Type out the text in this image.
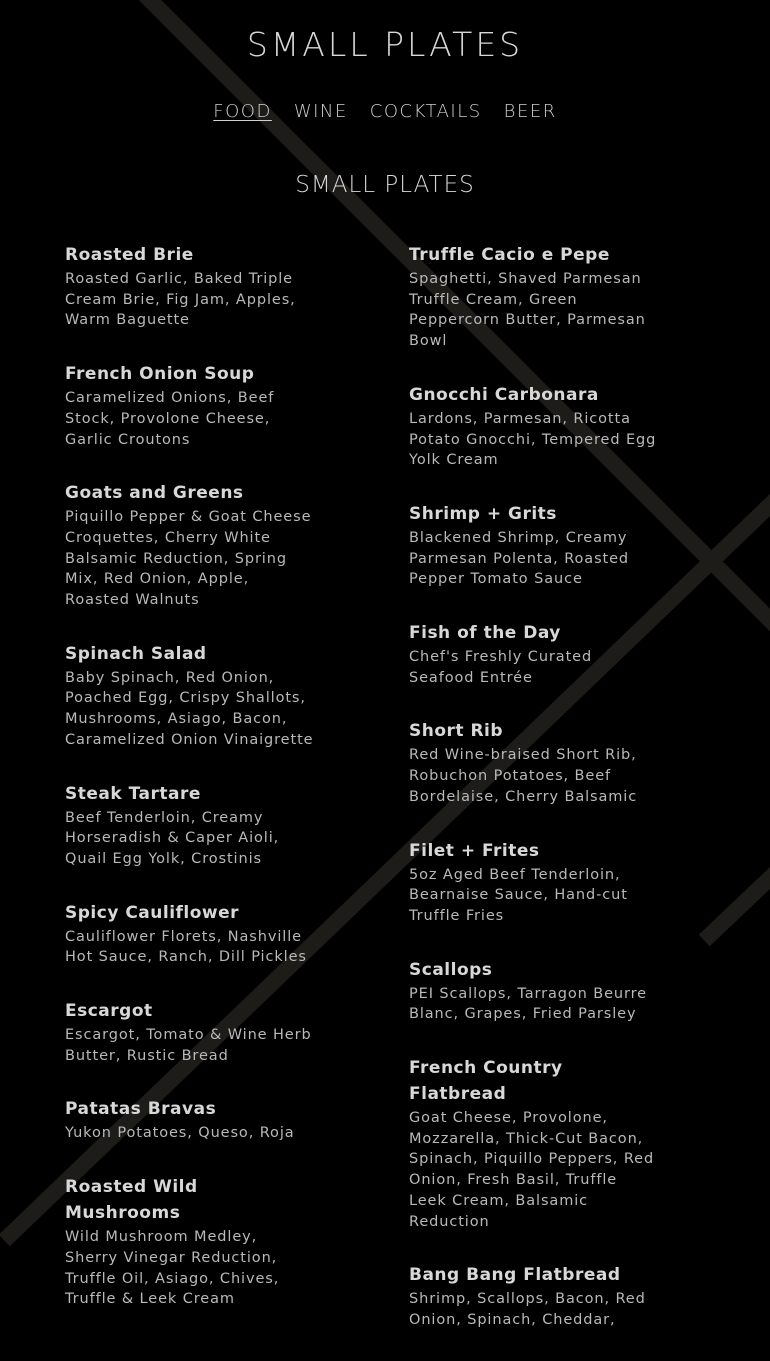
SMALL PLATES
FOOD WINE COCKTAILS BEER
SMALL PLATES
Roasted Brie

Roasted Garlic, Baked Triple Cream Brie, Fig Jam, Apples, Warm Baguette

French Onion Soup

Caramelized Onions, Beef Stock, Provolone Cheese, Garlic Croutons

Goats and Greens

Piquillo Pepper & Goat Cheese Croquettes, Cherry White Balsamic Reduction, Spring Mix, Red Onion, Apple, Roasted Walnuts

Spinach Salad

Baby Spinach, Red Onion, Poached Egg, Crispy Shallots, Mushrooms, Asiago, Bacon, Caramelized Onion Vinaigrette

Steak Tartare

Beef Tenderloin, Creamy Horseradish & Caper Aioli, Quail Egg Yolk, Crostinis

Spicy Cauliflower

Cauliflower Florets, Nashville Hot Sauce, Ranch, Dill Pickles

Escargot

Escargot, Tomato & Wine Herb Butter, Rustic Bread

Patatas Bravas

Yukon Potatoes, Queso, Roja

Roasted Wild Mushrooms

Wild Mushroom Medley, Sherry Vinegar Reduction, Truffle Oil, Asiago, Chives, Truffle & Leek Cream

Truffle Cacio e Pepe

Spaghetti, Shaved Parmesan Truffle Cream, Green Peppercorn Butter, Parmesan Bowl

Gnocchi Carbonara

Lardons, Parmesan, Ricotta Potato Gnocchi, Tempered Egg Yolk Cream

Shrimp + Grits

Blackened Shrimp, Creamy Parmesan Polenta, Roasted Pepper Tomato Sauce

Fish of the Day

Chef's Freshly Curated Seafood Entrée

Short Rib

Red Wine-braised Short Rib, Robuchon Potatoes, Beef Bordelaise, Cherry Balsamic

Filet + Frites

5oz Aged Beef Tenderloin, Bearnaise Sauce, Hand-cut Truffle Fries

Scallops

PEI Scallops, Tarragon Beurre Blanc, Grapes, Fried Parsley

French Country Flatbread

Goat Cheese, Provolone, Mozzarella, Thick-Cut Bacon, Spinach, Piquillo Peppers, Red Onion, Fresh Basil, Truffle Leek Cream, Balsamic Reduction

Bang Bang Flatbread

Shrimp, Scallops, Bacon, Red Onion, Spinach, Cheddar,
